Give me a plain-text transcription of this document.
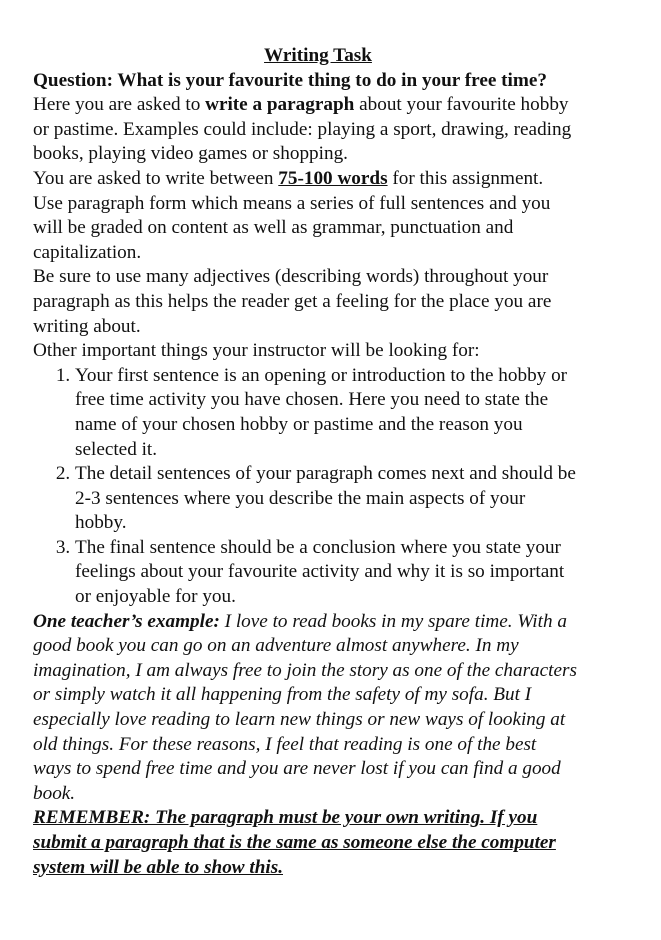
Writing Task

Question: What is your favourite thing to do in your free time?

Here you are asked to write a paragraph about your favourite hobby or pastime. Examples could include: playing a sport, drawing, reading books, playing video games or shopping.

You are asked to write between 75-100 words for this assignment.

Use paragraph form which means a series of full sentences and you will be graded on content as well as grammar, punctuation and capitalization.

Be sure to use many adjectives (describing words) throughout your paragraph as this helps the reader get a feeling for the place you are writing about.

Other important things your instructor will be looking for:

1. Your first sentence is an opening or introduction to the hobby or free time activity you have chosen. Here you need to state the name of your chosen hobby or pastime and the reason you selected it.
2. The detail sentences of your paragraph comes next and should be 2-3 sentences where you describe the main aspects of your hobby.
3. The final sentence should be a conclusion where you state your feelings about your favourite activity and why it is so important or enjoyable for you.

One teacher’s example: I love to read books in my spare time. With a good book you can go on an adventure almost anywhere. In my imagination, I am always free to join the story as one of the characters or simply watch it all happening from the safety of my sofa. But I especially love reading to learn new things or new ways of looking at old things. For these reasons, I feel that reading is one of the best ways to spend free time and you are never lost if you can find a good book.

REMEMBER: The paragraph must be your own writing. If you submit a paragraph that is the same as someone else the computer system will be able to show this.
